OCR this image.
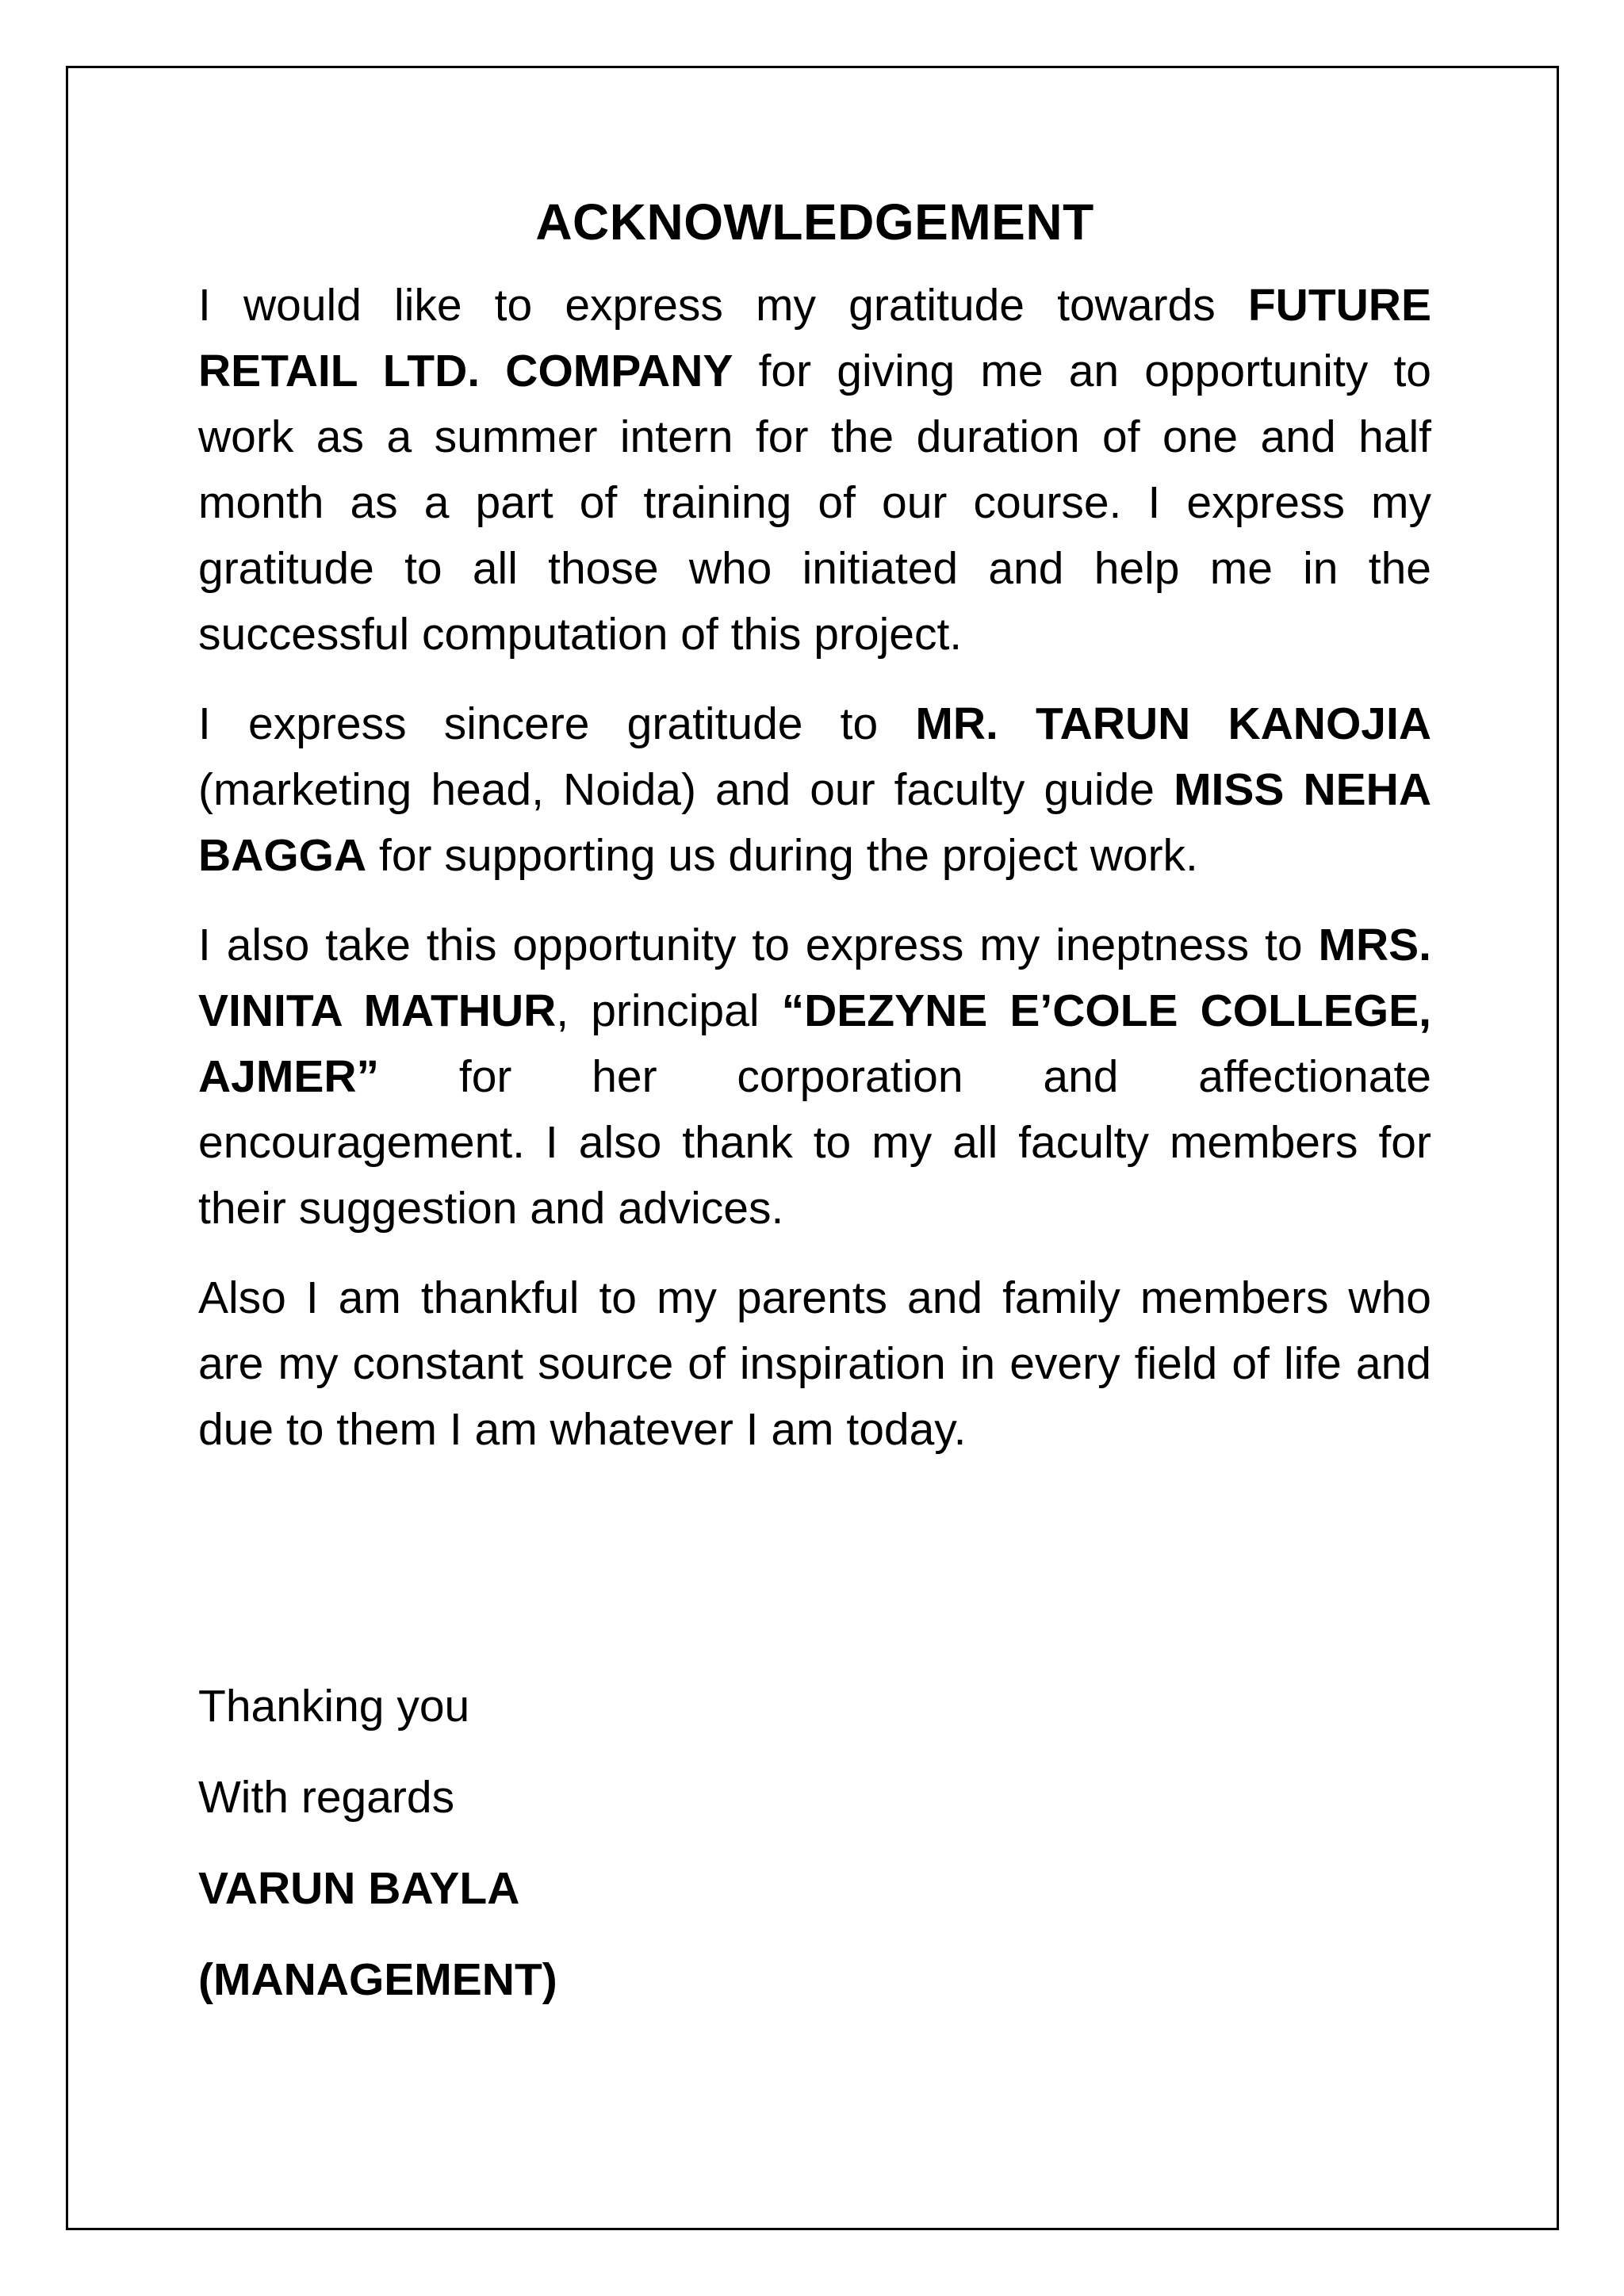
ACKNOWLEDGEMENT

I would like to express my gratitude towards FUTURE RETAIL LTD. COMPANY for giving me an opportunity to work as a summer intern for the duration of one and half month as a part of training of our course. I express my gratitude to all those who initiated and help me in the successful computation of this project.

I express sincere gratitude to MR. TARUN KANOJIA (marketing head, Noida) and our faculty guide MISS NEHA BAGGA for supporting us during the project work.

I also take this opportunity to express my ineptness to MRS. VINITA MATHUR, principal “DEZYNE E’COLE COLLEGE, AJMER” for her corporation and affectionate encouragement. I also thank to my all faculty members for their suggestion and advices.

Also I am thankful to my parents and family members who are my constant source of inspiration in every field of life and due to them I am whatever I am today.

Thanking you
With regards
VARUN BAYLA
(MANAGEMENT)
